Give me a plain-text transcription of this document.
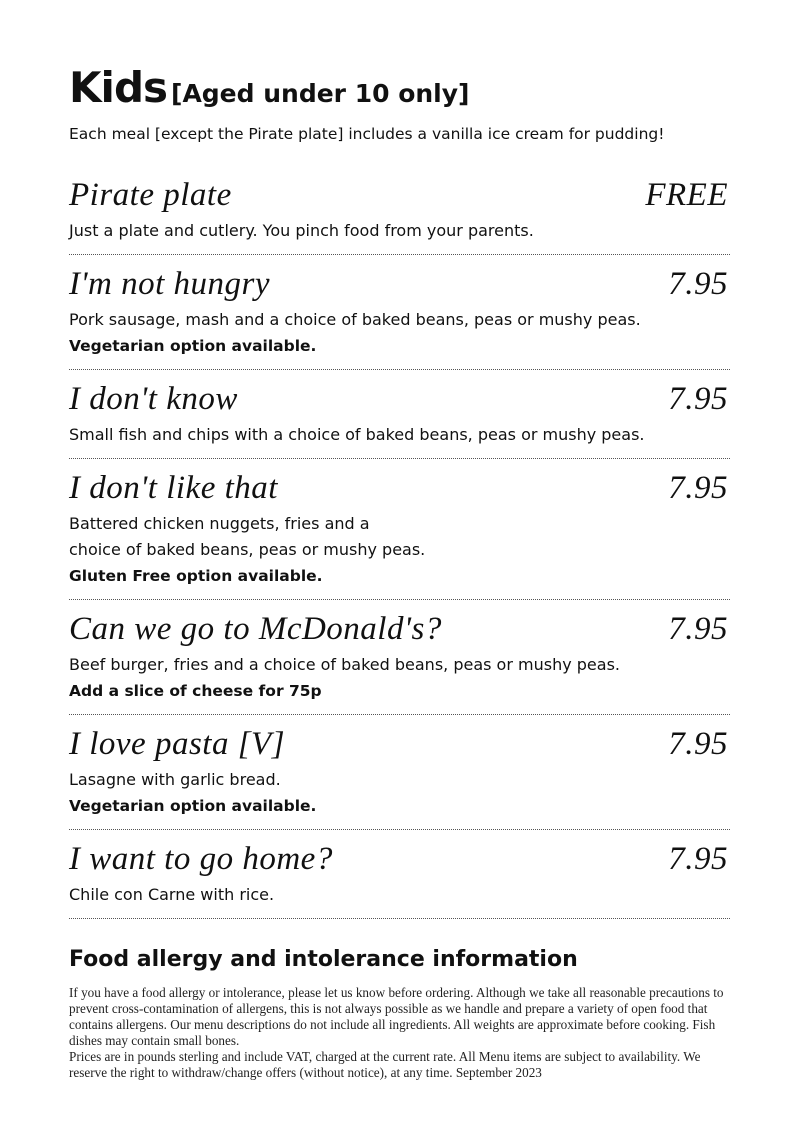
Kids [Aged under 10 only]
Each meal [except the Pirate plate] includes a vanilla ice cream for pudding!
Pirate plate	FREE
Just a plate and cutlery. You pinch food from your parents.
I'm not hungry	7.95
Pork sausage, mash and a choice of baked beans, peas or mushy peas.
Vegetarian option available.
I don't know	7.95
Small fish and chips with a choice of baked beans, peas or mushy peas.
I don't like that	7.95
Battered chicken nuggets, fries and a
choice of baked beans, peas or mushy peas.
Gluten Free option available.
Can we go to McDonald's?	7.95
Beef burger, fries and a choice of baked beans, peas or mushy peas.
Add a slice of cheese for 75p
I love pasta [V]	7.95
Lasagne with garlic bread.
Vegetarian option available.
I want to go home?	7.95
Chile con Carne with rice.
Food allergy and intolerance information
If you have a food allergy or intolerance, please let us know before ordering. Although we take all reasonable precautions to prevent cross-contamination of allergens, this is not always possible as we handle and prepare a variety of open food that contains allergens. Our menu descriptions do not include all ingredients. All weights are approximate before cooking. Fish dishes may contain small bones.
Prices are in pounds sterling and include VAT, charged at the current rate. All Menu items are subject to availability. We reserve the right to withdraw/change offers (without notice), at any time. September 2023
